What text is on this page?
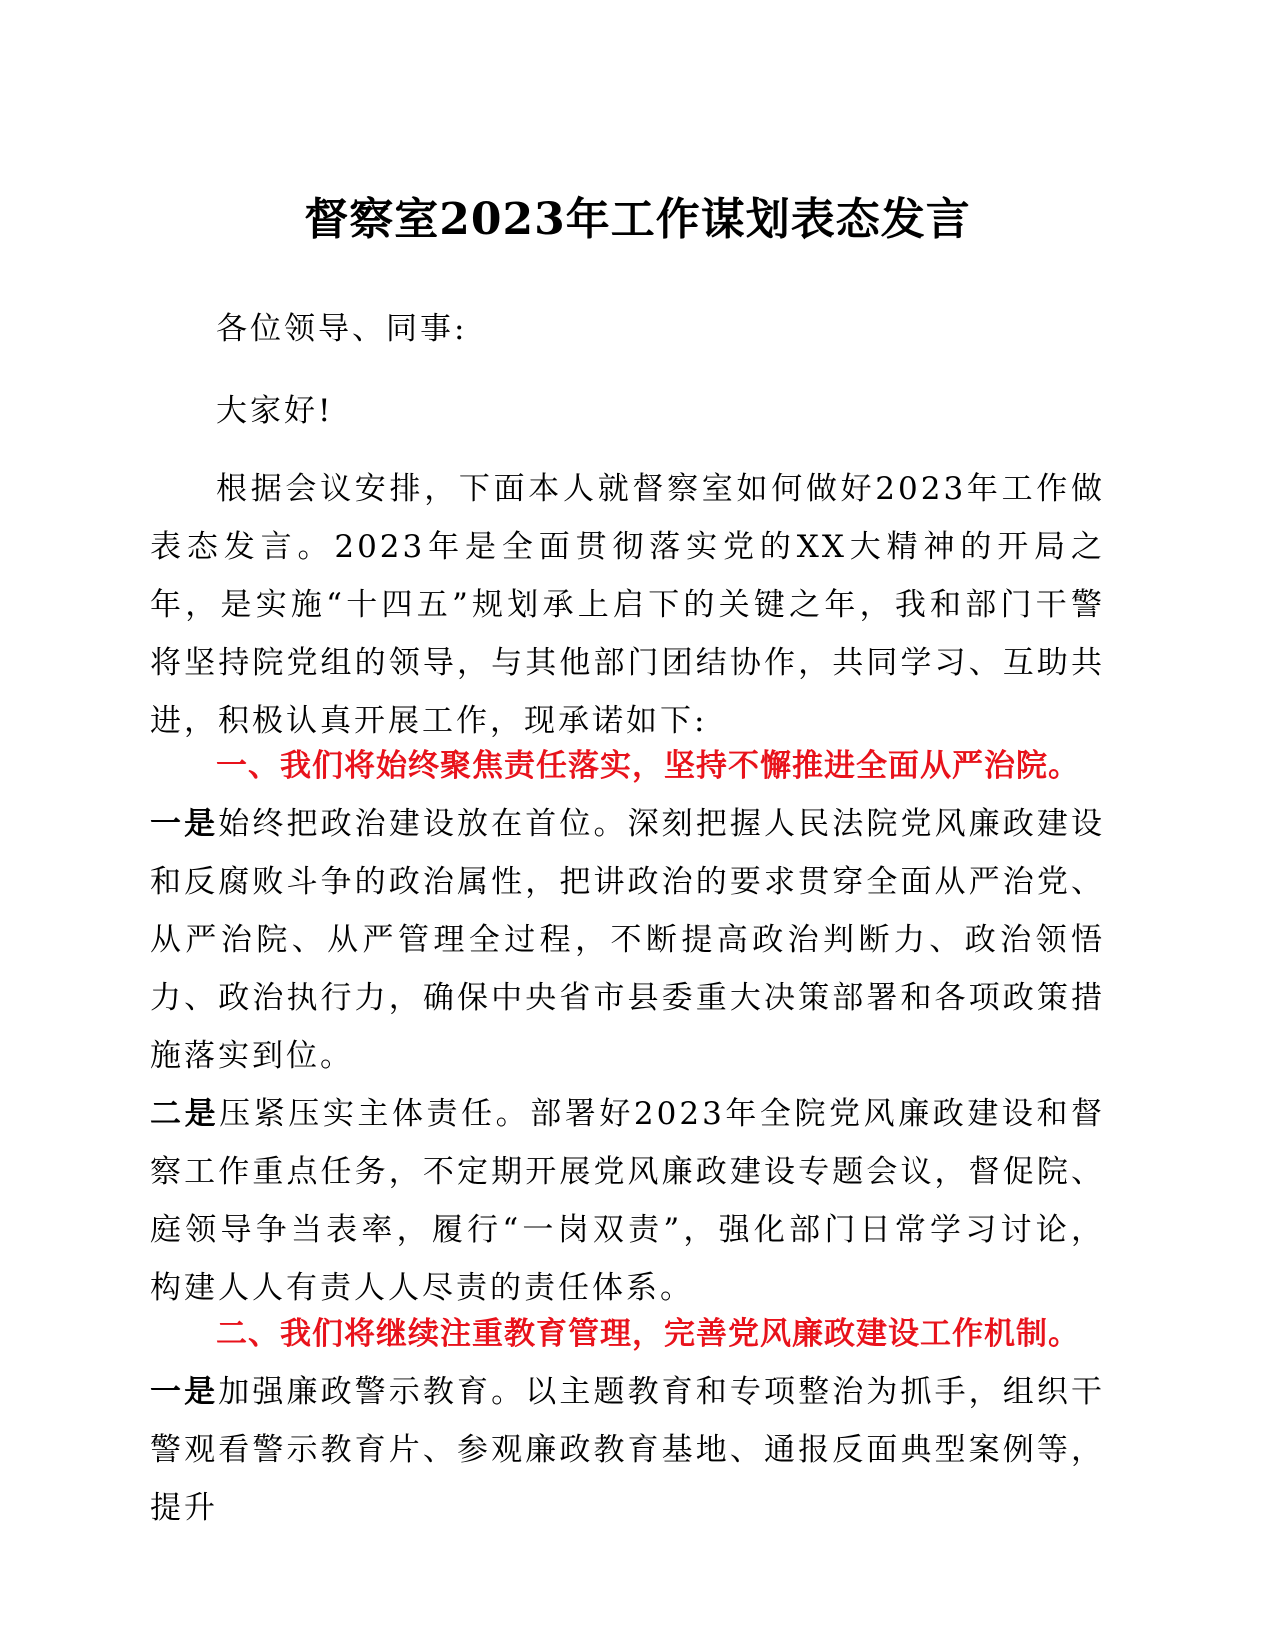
督察室2023年工作谋划表态发言

各位领导、同事:

大家好!

根据会议安排，下面本人就督察室如何做好2023年工作做表态发言。2023年是全面贯彻落实党的XX大精神的开局之年，是实施“十四五”规划承上启下的关键之年，我和部门干警将坚持院党组的领导，与其他部门团结协作，共同学习、互助共进，积极认真开展工作，现承诺如下:

一、我们将始终聚焦责任落实，坚持不懈推进全面从严治院。

一是始终把政治建设放在首位。深刻把握人民法院党风廉政建设和反腐败斗争的政治属性，把讲政治的要求贯穿全面从严治党、从严治院、从严管理全过程，不断提高政治判断力、政治领悟力、政治执行力，确保中央省市县委重大决策部署和各项政策措施落实到位。

二是压紧压实主体责任。部署好2023年全院党风廉政建设和督察工作重点任务，不定期开展党风廉政建设专题会议，督促院、庭领导争当表率，履行“一岗双责”，强化部门日常学习讨论，构建人人有责人人尽责的责任体系。

二、我们将继续注重教育管理，完善党风廉政建设工作机制。

一是加强廉政警示教育。以主题教育和专项整治为抓手，组织干警观看警示教育片、参观廉政教育基地、通报反面典型案例等，提升
